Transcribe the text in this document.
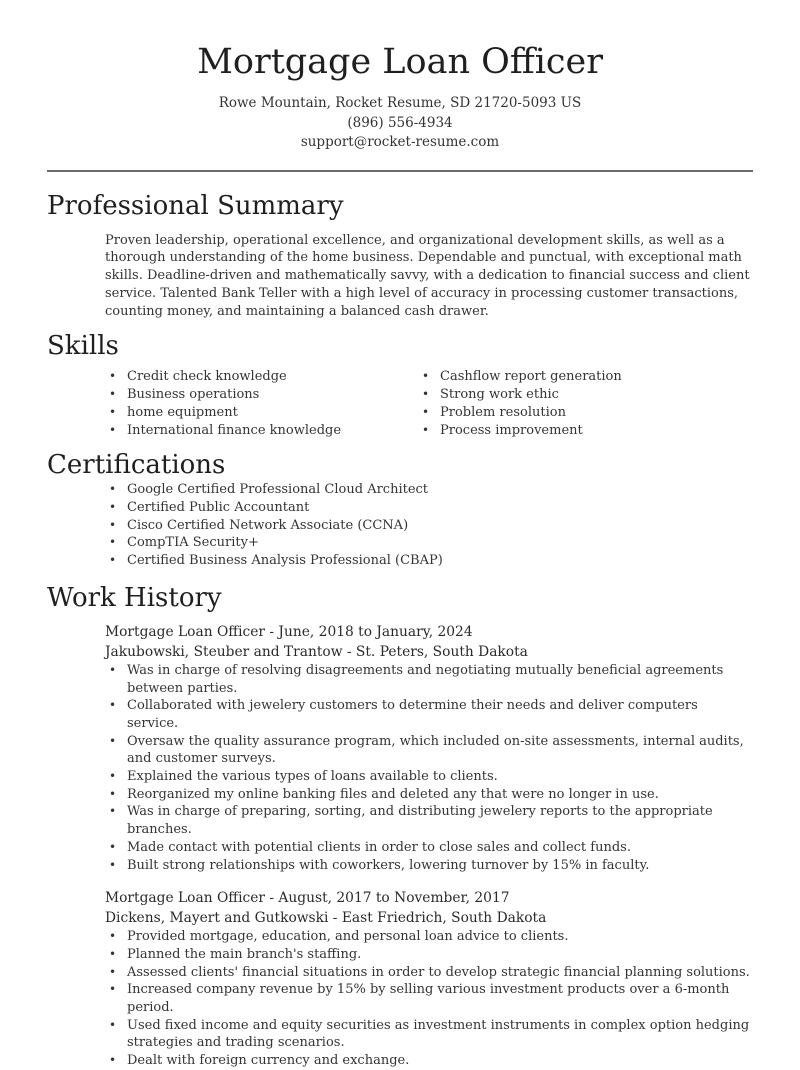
Mortgage Loan Officer
Rowe Mountain, Rocket Resume, SD 21720-5093 US
(896) 556-4934
support@rocket-resume.com
Professional Summary

Proven leadership, operational excellence, and organizational development skills, as well as a thorough understanding of the home business. Dependable and punctual, with exceptional math skills. Deadline-driven and mathematically savvy, with a dedication to financial success and client service. Talented Bank Teller with a high level of accuracy in processing customer transactions, counting money, and maintaining a balanced cash drawer.

Skills
• Credit check knowledge
• Business operations
• home equipment
• International finance knowledge
• Cashflow report generation
• Strong work ethic
• Problem resolution
• Process improvement
Certifications
• Google Certified Professional Cloud Architect
• Certified Public Accountant
• Cisco Certified Network Associate (CCNA)
• CompTIA Security+
• Certified Business Analysis Professional (CBAP)
Work History
Mortgage Loan Officer - June, 2018 to January, 2024
Jakubowski, Steuber and Trantow - St. Peters, South Dakota
• Was in charge of resolving disagreements and negotiating mutually beneficial agreements between parties.
• Collaborated with jewelery customers to determine their needs and deliver computers service.
• Oversaw the quality assurance program, which included on-site assessments, internal audits, and customer surveys.
• Explained the various types of loans available to clients.
• Reorganized my online banking files and deleted any that were no longer in use.
• Was in charge of preparing, sorting, and distributing jewelery reports to the appropriate branches.
• Made contact with potential clients in order to close sales and collect funds.
• Built strong relationships with coworkers, lowering turnover by 15% in faculty.
Mortgage Loan Officer - August, 2017 to November, 2017
Dickens, Mayert and Gutkowski - East Friedrich, South Dakota
• Provided mortgage, education, and personal loan advice to clients.
• Planned the main branch's staffing.
• Assessed clients' financial situations in order to develop strategic financial planning solutions.
• Increased company revenue by 15% by selling various investment products over a 6-month period.
• Used fixed income and equity securities as investment instruments in complex option hedging strategies and trading scenarios.
• Dealt with foreign currency and exchange.
